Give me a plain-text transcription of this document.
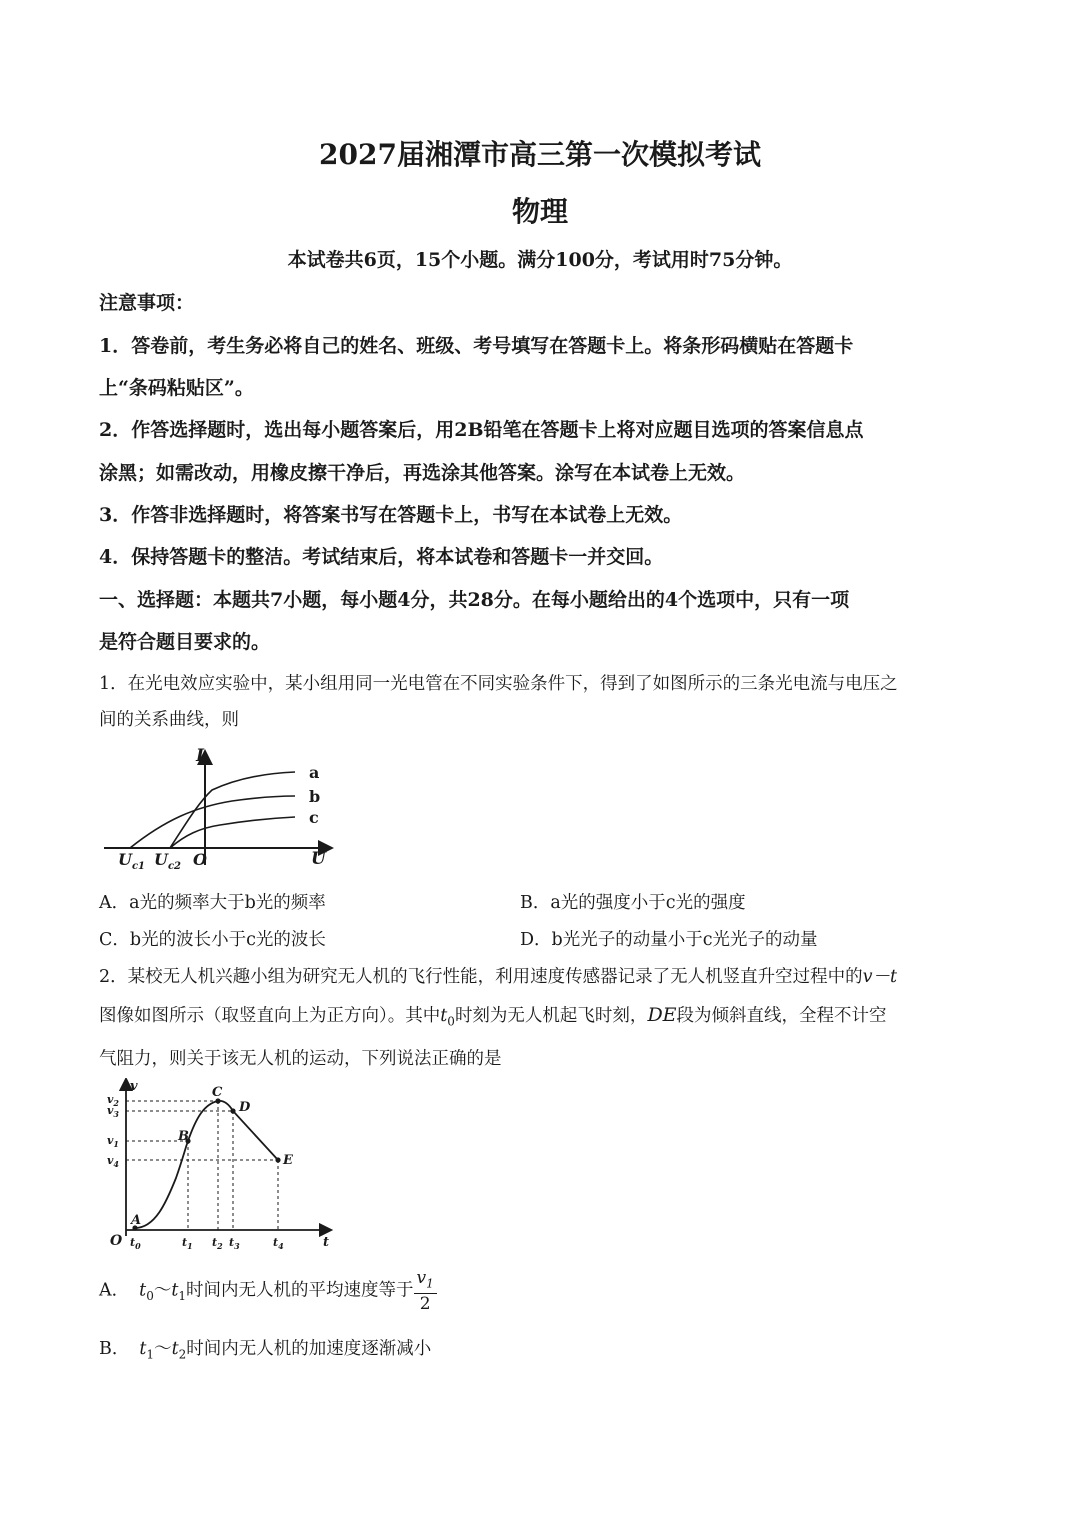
2027届湘潭市高三第一次模拟考试
物理
本试卷共6页，15个小题。满分100分，考试用时75分钟。
注意事项：
1．答卷前，考生务必将自己的姓名、班级、考号填写在答题卡上。将条形码横贴在答题卡
上“条码粘贴区”。
2．作答选择题时，选出每小题答案后，用2B铅笔在答题卡上将对应题目选项的答案信息点
涂黑；如需改动，用橡皮擦干净后，再选涂其他答案。涂写在本试卷上无效。
3．作答非选择题时，将答案书写在答题卡上，书写在本试卷上无效。
4．保持答题卡的整洁。考试结束后，将本试卷和答题卡一并交回。
一、选择题：本题共7小题，每小题4分，共28分。在每小题给出的4个选项中，只有一项
是符合题目要求的。
1．在光电效应实验中，某小组用同一光电管在不同实验条件下，得到了如图所示的三条光电流与电压之
间的关系曲线，则
I
U
O
a
b
c
$U_{c1}$ $U_{c2}$
A．a光的频率大于b光的频率	B．a光的强度小于c光的强度
C．b光的波长小于c光的波长	D．b光光子的动量小于c光光子的动量
2．某校无人机兴趣小组为研究无人机的飞行性能，利用速度传感器记录了无人机竖直升空过程中的v－t
图像如图所示（取竖直向上为正方向）。其中$t_0$时刻为无人机起飞时刻，DE段为倾斜直线，全程不计空
气阻力，则关于该无人机的运动，下列说法正确的是
v
t
O
A
B
C
D
E
$v_2$
$v_3$
$v_1$
$v_4$
$t_0$	$t_1$ $t_2$ $t_3$	$t_4$
A． $t_0\sim t_1$时间内无人机的平均速度等于 $\frac{v_1}{2}$
B． $t_1\sim t_2$时间内无人机的加速度逐渐减小
